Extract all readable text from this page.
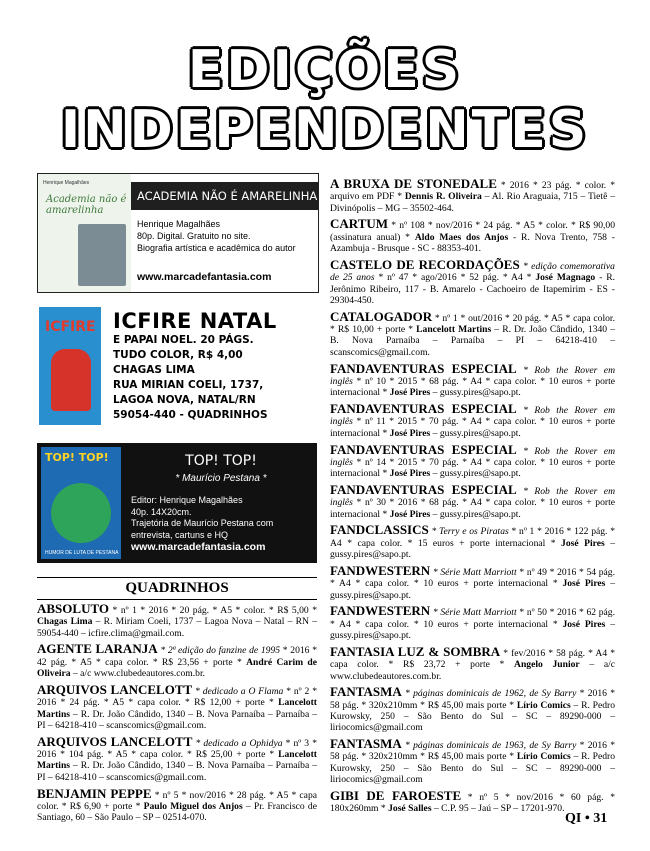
EDIÇÕES
INDEPENDENTES
Henrique Magalhães
Academia não é amarelinha
ACADEMIA NÃO É AMARELINHA
Henrique Magalhães
80p. Digital. Gratuito no site.
Biografia artística e acadêmica do autor
www.marcadefantasia.com
ICFIRE ICFIRE NATAL
E PAPAI NOEL. 20 PÁGS.
TUDO COLOR, R$ 4,00
CHAGAS LIMA
RUA MIRIAN COELI, 1737,
LAGOA NOVA, NATAL/RN
59054-440 - QUADRINHOS
TOP! TOP!
HUMOR DE LUTA DE PESTANA
TOP! TOP!
* Maurício Pestana *
Editor: Henrique Magalhães
40p. 14X20cm.
Trajetória de Maurício Pestana com
entrevista, cartuns e HQ
www.marcadefantasia.com
QUADRINHOS
ABSOLUTO * nº 1 * 2016 * 20 pág. * A5 * color. * R$ 5,00 * Chagas Lima – R. Miriam Coeli, 1737 – Lagoa Nova – Natal – RN – 59054-440 – icfire.clima@gmail.com.
AGENTE LARANJA * 2ª edição do fanzine de 1995 * 2016 * 42 pág. * A5 * capa color. * R$ 23,56 + porte * André Carim de Oliveira – a/c www.clubedeautores.com.br.
ARQUIVOS LANCELOTT * dedicado a O Flama * nº 2 * 2016 * 24 pág. * A5 * capa color. * R$ 12,00 + porte * Lancelott Martins – R. Dr. João Cândido, 1340 – B. Nova Parnaíba – Parnaíba – PI – 64218-410 – scanscomics@gmail.com.
ARQUIVOS LANCELOTT * dedicado a Ophidya * nº 3 * 2016 * 104 pág. * A5 * capa color. * R$ 25,00 + porte * Lancelott Martins – R. Dr. João Cândido, 1340 – B. Nova Parnaíba – Parnaíba – PI – 64218-410 – scanscomics@gmail.com.
BENJAMIN PEPPE * nº 5 * nov/2016 * 28 pág. * A5 * capa color. * R$ 6,90 + porte * Paulo Miguel dos Anjos – Pr. Francisco de Santiago, 60 – São Paulo – SP – 02514-070.
A BRUXA DE STONEDALE * 2016 * 23 pág. * color. * arquivo em PDF * Dennis R. Oliveira – Al. Rio Araguaia, 715 – Tietê – Divinópolis – MG – 35502-464.
CARTUM * nº 108 * nov/2016 * 24 pág. * A5 * color. * R$ 90,00 (assinatura anual) * Aldo Maes dos Anjos - R. Nova Trento, 758 - Azambuja - Brusque - SC - 88353-401.
CASTELO DE RECORDAÇÕES * edição comemorativa de 25 anos * nº 47 * ago/2016 * 52 pág. * A4 * José Magnago - R. Jerônimo Ribeiro, 117 - B. Amarelo - Cachoeiro de Itapemirim - ES - 29304-450.
CATALOGADOR * nº 1 * out/2016 * 20 pág. * A5 * capa color. * R$ 10,00 + porte * Lancelott Martins – R. Dr. João Cândido, 1340 – B. Nova Parnaíba – Parnaíba – PI – 64218-410 – scanscomics@gmail.com.
FANDAVENTURAS ESPECIAL * Rob the Rover em inglês * nº 10 * 2015 * 68 pág. * A4 * capa color. * 10 euros + porte internacional * José Pires – gussy.pires@sapo.pt.
FANDAVENTURAS ESPECIAL * Rob the Rover em inglês * nº 11 * 2015 * 70 pág. * A4 * capa color. * 10 euros + porte internacional * José Pires – gussy.pires@sapo.pt.
FANDAVENTURAS ESPECIAL * Rob the Rover em inglês * nº 14 * 2015 * 70 pág. * A4 * capa color. * 10 euros + porte internacional * José Pires – gussy.pires@sapo.pt.
FANDAVENTURAS ESPECIAL * Rob the Rover em inglês * nº 30 * 2016 * 68 pág. * A4 * capa color. * 10 euros + porte internacional * José Pires – gussy.pires@sapo.pt.
FANDCLASSICS * Terry e os Piratas * nº 1 * 2016 * 122 pág. * A4 * capa color. * 15 euros + porte internacional * José Pires – gussy.pires@sapo.pt.
FANDWESTERN * Série Matt Marriott * nº 49 * 2016 * 54 pág. * A4 * capa color. * 10 euros + porte internacional * José Pires – gussy.pires@sapo.pt.
FANDWESTERN * Série Matt Marriott * nº 50 * 2016 * 62 pág. * A4 * capa color. * 10 euros + porte internacional * José Pires – gussy.pires@sapo.pt.
FANTASIA LUZ & SOMBRA * fev/2016 * 58 pág. * A4 * capa color. * R$ 23,72 + porte * Angelo Junior – a/c www.clubedeautores.com.br.
FANTASMA * páginas dominicais de 1962, de Sy Barry * 2016 * 58 pág. * 320x210mm * R$ 45,00 mais porte * Lírio Comics – R. Pedro Kurowsky, 250 – São Bento do Sul – SC – 89290-000 – liriocomics@gmail.com
FANTASMA * páginas dominicais de 1963, de Sy Barry * 2016 * 58 pág. * 320x210mm * R$ 45,00 mais porte * Lírio Comics – R. Pedro Kurowsky, 250 – São Bento do Sul – SC – 89290-000 – liriocomics@gmail.com
GIBI DE FAROESTE * nº 5 * nov/2016 * 60 pág. * 180x260mm * José Salles – C.P. 95 – Jaú – SP – 17201-970.
QI • 31
